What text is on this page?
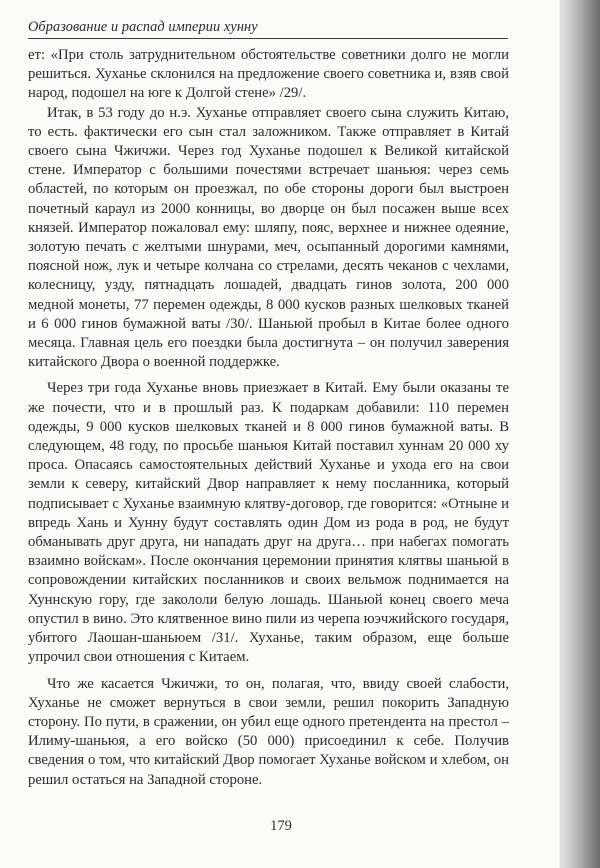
Образование и распад империи хунну

ет: «При столь затруднительном обстоятельстве советники долго не могли решиться. Хуханье склонился на предложение своего советника и, взяв свой народ, подошел на юге к Долгой стене» /29/.

Итак, в 53 году до н.э. Хуханье отправляет своего сына служить Китаю, то есть. фактически его сын стал заложником. Также отправляет в Китай своего сына Чжичжи. Через год Хуханье подошел к Великой китайской стене. Император с большими почестями встречает шаньюя: через семь областей, по которым он проезжал, по обе стороны дороги был выстроен почетный караул из 2000 конницы, во дворце он был посажен выше всех князей. Император пожаловал ему: шляпу, пояс, верхнее и нижнее одеяние, золотую печать с желтыми шнурами, меч, осыпанный дорогими камнями, поясной нож, лук и четыре колчана со стрелами, десять чеканов с чехлами, колесницу, узду, пятнадцать лошадей, двадцать гинов золота, 200 000 медной монеты, 77 перемен одежды, 8 000 кусков разных шелковых тканей и 6 000 гинов бумажной ваты /30/. Шаньюй пробыл в Китае более одного месяца. Главная цель его поездки была достигнута – он получил заверения китайского Двора о военной поддержке.

Через три года Хуханье вновь приезжает в Китай. Ему были оказаны те же почести, что и в прошлый раз. К подаркам добавили: 110 перемен одежды, 9 000 кусков шелковых тканей и 8 000 гинов бумажной ваты. В следующем, 48 году, по просьбе шаньюя Китай поставил хуннам 20 000 ху проса. Опасаясь самостоятельных действий Хуханье и ухода его на свои земли к северу, китайский Двор направляет к нему посланника, который подписывает с Хуханье взаимную клятву-договор, где говорится: «Отныне и впредь Хань и Хунну будут составлять один Дом из рода в род, не будут обманывать друг друга, ни нападать друг на друга… при набегах помогать взаимно войскам». После окончания церемонии принятия клятвы шаньюй в сопровождении китайских посланников и своих вельмож поднимается на Хуннскую гору, где закололи белую лошадь. Шаньюй конец своего меча опустил в вино. Это клятвенное вино пили из черепа юэчжийского государя, убитого Лаошан-шаньюем /31/. Хуханье, таким образом, еще больше упрочил свои отношения с Китаем.

Что же касается Чжичжи, то он, полагая, что, ввиду своей слабости, Хуханье не сможет вернуться в свои земли, решил покорить Западную сторону. По пути, в сражении, он убил еще одного претендента на престол – Илиму-шаньюя, а его войско (50 000) присоединил к себе. Получив сведения о том, что китайский Двор помогает Хуханье войском и хлебом, он решил остаться на Западной стороне.

179
